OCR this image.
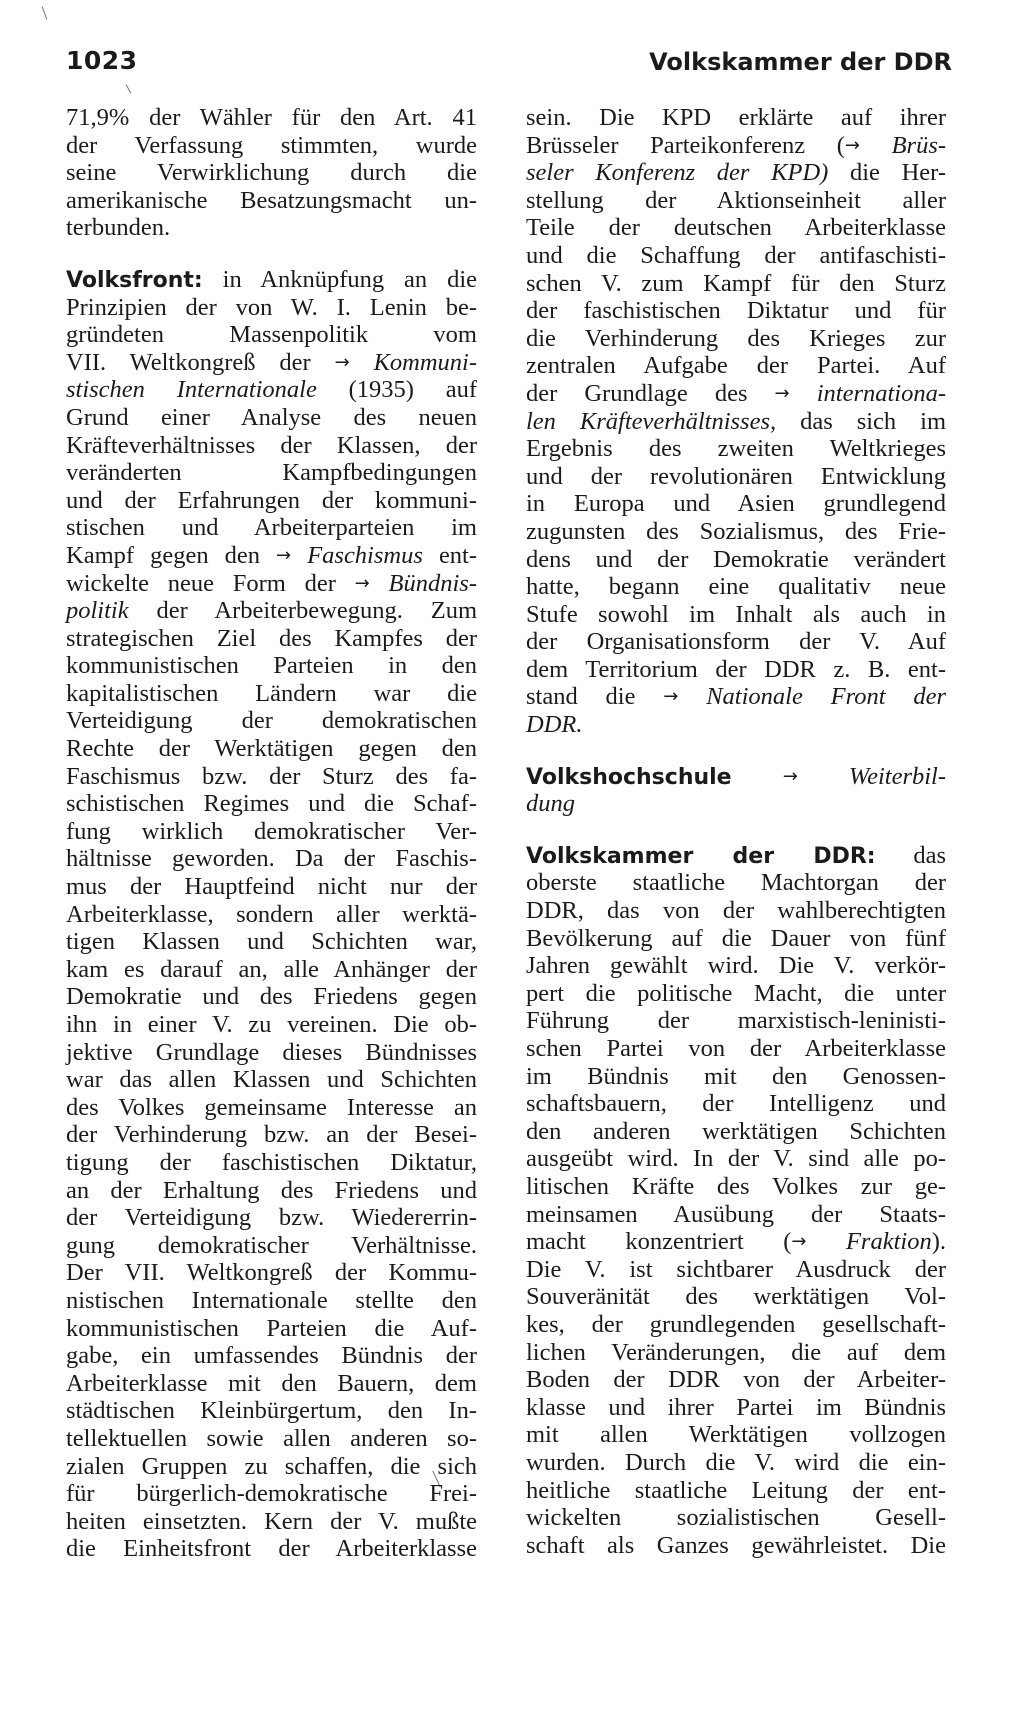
1023	Volkskammer der DDR
71,9% der Wähler für den Art. 41
der Verfassung stimmten, wurde
seine Verwirklichung durch die
amerikanische Besatzungsmacht un-
terbunden.
Volksfront: in Anknüpfung an die
Prinzipien der von W. I. Lenin be-
gründeten Massenpolitik vom
VII. Weltkongreß der → Kommuni-
stischen Internationale (1935) auf
Grund einer Analyse des neuen
Kräfteverhältnisses der Klassen, der
veränderten Kampfbedingungen
und der Erfahrungen der kommuni-
stischen und Arbeiterparteien im
Kampf gegen den → Faschismus ent-
wickelte neue Form der → Bündnis-
politik der Arbeiterbewegung. Zum
strategischen Ziel des Kampfes der
kommunistischen Parteien in den
kapitalistischen Ländern war die
Verteidigung der demokratischen
Rechte der Werktätigen gegen den
Faschismus bzw. der Sturz des fa-
schistischen Regimes und die Schaf-
fung wirklich demokratischer Ver-
hältnisse geworden. Da der Faschis-
mus der Hauptfeind nicht nur der
Arbeiterklasse, sondern aller werktä-
tigen Klassen und Schichten war,
kam es darauf an, alle Anhänger der
Demokratie und des Friedens gegen
ihn in einer V. zu vereinen. Die ob-
jektive Grundlage dieses Bündnisses
war das allen Klassen und Schichten
des Volkes gemeinsame Interesse an
der Verhinderung bzw. an der Besei-
tigung der faschistischen Diktatur,
an der Erhaltung des Friedens und
der Verteidigung bzw. Wiedererrin-
gung demokratischer Verhältnisse.
Der VII. Weltkongreß der Kommu-
nistischen Internationale stellte den
kommunistischen Parteien die Auf-
gabe, ein umfassendes Bündnis der
Arbeiterklasse mit den Bauern, dem
städtischen Kleinbürgertum, den In-
tellektuellen sowie allen anderen so-
zialen Gruppen zu schaffen, die sich
für bürgerlich-demokratische Frei-
heiten einsetzten. Kern der V. mußte
die Einheitsfront der Arbeiterklasse
sein. Die KPD erklärte auf ihrer
Brüsseler Parteikonferenz (→ Brüs-
seler Konferenz der KPD) die Her-
stellung der Aktionseinheit aller
Teile der deutschen Arbeiterklasse
und die Schaffung der antifaschisti-
schen V. zum Kampf für den Sturz
der faschistischen Diktatur und für
die Verhinderung des Krieges zur
zentralen Aufgabe der Partei. Auf
der Grundlage des → internationa-
len Kräfteverhältnisses, das sich im
Ergebnis des zweiten Weltkrieges
und der revolutionären Entwicklung
in Europa und Asien grundlegend
zugunsten des Sozialismus, des Frie-
dens und der Demokratie verändert
hatte, begann eine qualitativ neue
Stufe sowohl im Inhalt als auch in
der Organisationsform der V. Auf
dem Territorium der DDR z. B. ent-
stand die → Nationale Front der
DDR.
Volkshochschule	→ Weiterbil-
dung
Volkskammer der DDR: das
oberste staatliche Machtorgan der
DDR, das von der wahlberechtigten
Bevölkerung auf die Dauer von fünf
Jahren gewählt wird. Die V. verkör-
pert die politische Macht, die unter
Führung der marxistisch-leninisti-
schen Partei von der Arbeiterklasse
im Bündnis mit den Genossen-
schaftsbauern, der Intelligenz und
den anderen werktätigen Schichten
ausgeübt wird. In der V. sind alle po-
litischen Kräfte des Volkes zur ge-
meinsamen Ausübung der Staats-
macht konzentriert (→ Fraktion).
Die V. ist sichtbarer Ausdruck der
Souveränität des werktätigen Vol-
kes, der grundlegenden gesellschaft-
lichen Veränderungen, die auf dem
Boden der DDR von der Arbeiter-
klasse und ihrer Partei im Bündnis
mit allen Werktätigen vollzogen
wurden. Durch die V. wird die ein-
heitliche staatliche Leitung der ent-
wickelten sozialistischen Gesell-
schaft als Ganzes gewährleistet. Die
